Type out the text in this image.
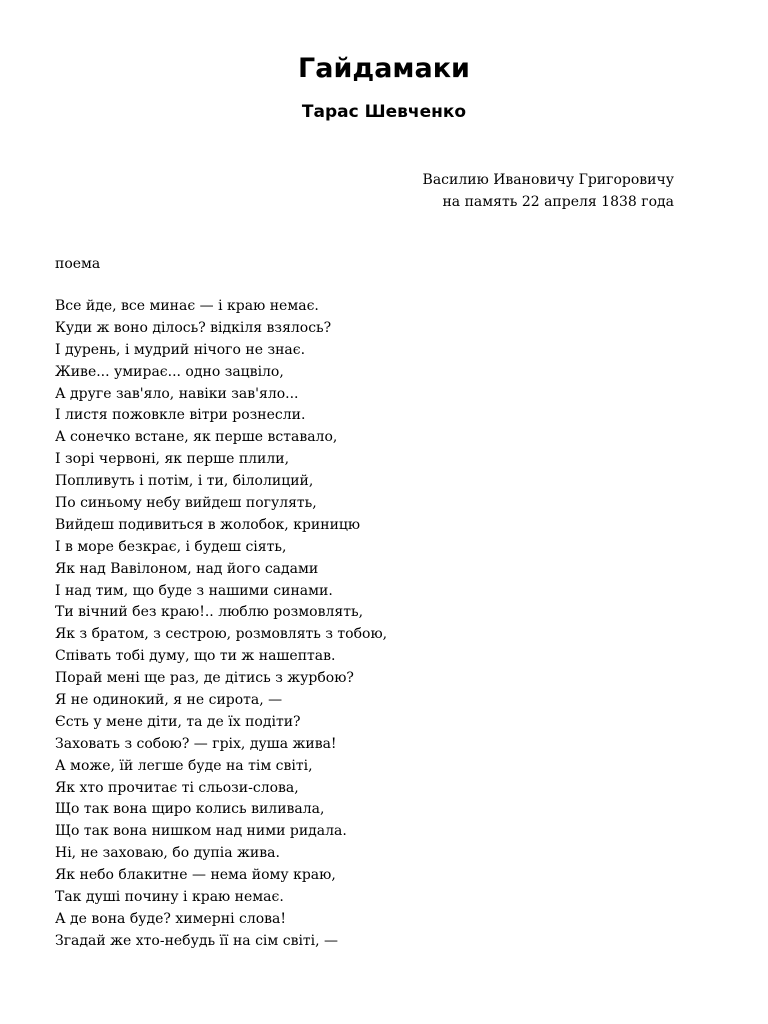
Гайдамаки
Тарас Шевченко
Василию Ивановичу Григоровичу
на память 22 апреля 1838 года
поема
Все йде, все минає — і краю немає.
Куди ж воно ділось? відкіля взялось?
І дурень, і мудрий нічого не знає.
Живе... умирає... одно зацвіло,
А друге зав'яло, навіки зав'яло...
І листя пожовкле вітри рознесли.
А сонечко встане, як перше вставало,
І зорі червоні, як перше плили,
Попливуть і потім, і ти, білолиций,
По синьому небу вийдеш погулять,
Вийдеш подивиться в жолобок, криницю
І в море безкрає, і будеш сіять,
Як над Вавілоном, над його садами
І над тим, що буде з нашими синами.
Ти вічний без краю!.. люблю розмовлять,
Як з братом, з сестрою, розмовлять з тобою,
Співать тобі думу, що ти ж нашептав.
Порай мені ще раз, де дітись з журбою?
Я не одинокий, я не сирота, —
Єсть у мене діти, та де їх подіти?
Заховать з собою? — гріх, душа жива!
А може, їй легше буде на тім світі,
Як хто прочитає ті сльози-слова,
Що так вона щиро колись виливала,
Що так вона нишком над ними ридала.
Ні, не заховаю, бо дупіа жива.
Як небо блакитне — нема йому краю,
Так душі почину і краю немає.
А де вона буде? химерні слова!
Згадай же хто-небудь її на сім світі, —
